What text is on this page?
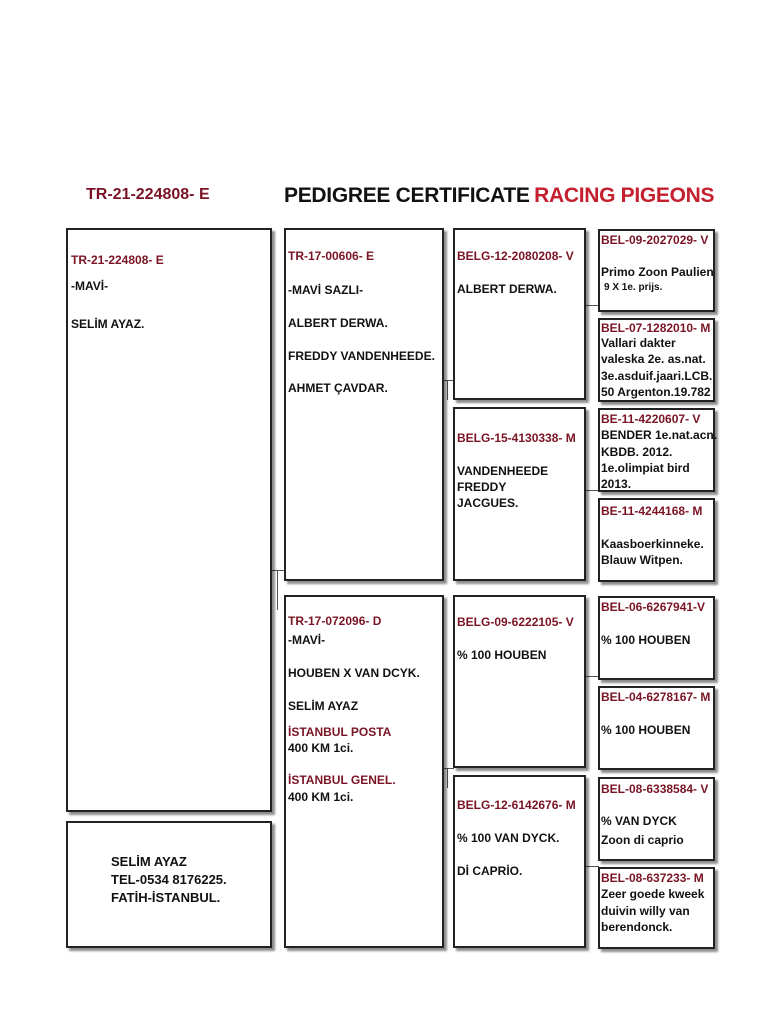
TR-21-224808- E	PEDIGREE CERTIFICATE RACING PIGEONS
TR-21-224808- E
-MAVİ-
SELİM AYAZ.
SELİM AYAZ
TEL-0534 8176225.
FATİH-İSTANBUL.
TR-17-00606- E
-MAVİ SAZLI-
ALBERT DERWA.
FREDDY VANDENHEEDE.
AHMET ÇAVDAR.
TR-17-072096- D
-MAVİ-
HOUBEN X VAN DCYK.
SELİM AYAZ
İSTANBUL POSTA
400 KM 1ci.
İSTANBUL GENEL.
400 KM 1ci.
BELG-12-2080208- V
ALBERT DERWA.
BELG-15-4130338- M
VANDENHEEDE
FREDDY
JACGUES.
BELG-09-6222105- V
% 100 HOUBEN
BELG-12-6142676- M
% 100 VAN DYCK.
Dİ CAPRİO.
BEL-09-2027029- V
Primo Zoon Paulien
9 X 1e. prijs.
BEL-07-1282010- M
Vallari dakter
valeska 2e. as.nat.
3e.asduif.jaari.LCB.
50 Argenton.19.782
BE-11-4220607- V
BENDER 1e.nat.acn.
KBDB. 2012.
1e.olimpiat bird
2013.
BE-11-4244168- M
Kaasboerkinneke.
Blauw Witpen.
BEL-06-6267941-V
% 100 HOUBEN
BEL-04-6278167- M
% 100 HOUBEN
BEL-08-6338584- V
% VAN DYCK
Zoon di caprio
BEL-08-637233- M
Zeer goede kweek
duivin willy van
berendonck.
